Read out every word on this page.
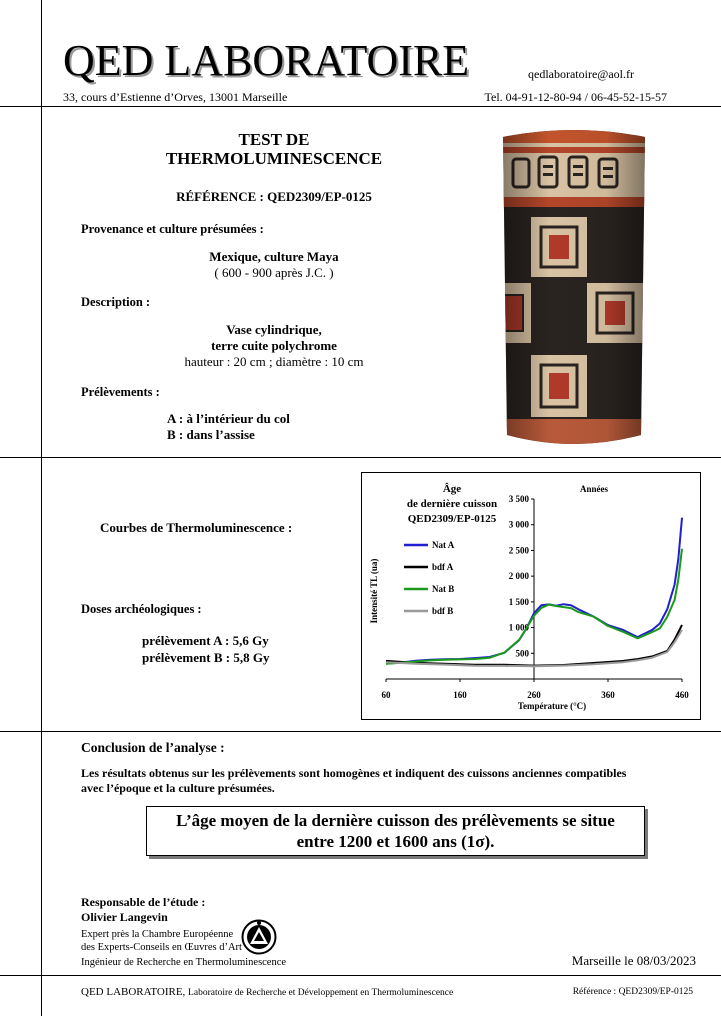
QED LABORATOIRE	qedlaboratoire@aol.fr
33, cours d’Estienne d’Orves, 13001 Marseille	Tel. 04-91-12-80-94 / 06-45-52-15-57
TEST DE
THERMOLUMINESCENCE
RÉFÉRENCE : QED2309/EP-0125
Provenance et culture présumées :
Mexique, culture Maya
( 600 - 900 après J.C. )
Description :
Vase cylindrique,
terre cuite polychrome
hauteur : 20 cm ; diamètre : 10 cm
Prélèvements :
A : à l’intérieur du col
B : dans l’assise
Courbes de Thermoluminescence :
Doses archéologiques :
prélèvement A : 5,6 Gy
prélèvement B : 5,8 Gy
Âge
de dernière cuisson
QED2309/EP-0125
Années
Intensité TL (ua)
Température (°C)
60	160	260	360	460
500
1 000
1 500
2 000
2 500
3 000
3 500
Nat A
bdf A
Nat B
bdf B
Conclusion de l’analyse :
Les résultats obtenus sur les prélèvements sont homogènes et indiquent des cuissons anciennes compatibles
avec l’époque et la culture présumées.
L’âge moyen de la dernière cuisson des prélèvements se situe
entre 1200 et 1600 ans (1σ).
Responsable de l’étude :
Olivier Langevin
Expert près la Chambre Européenne
des Experts-Conseils en Œuvres d’Art
Ingénieur de Recherche en Thermoluminescence	Marseille le 08/03/2023
QED LABORATOIRE, Laboratoire de Recherche et Développement en Thermoluminescence	Référence : QED2309/EP-0125
